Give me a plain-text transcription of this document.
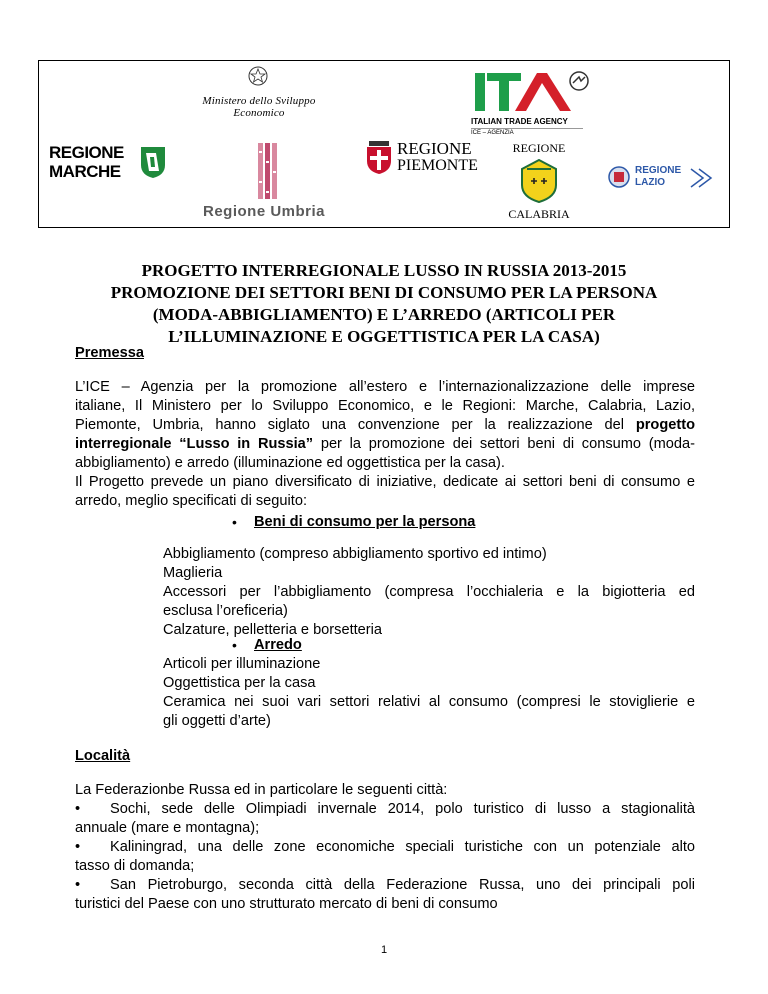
Ministero dello Sviluppo Economico
ITALIAN TRADE AGENCY
ICE – AGENZIA
REGIONE
MARCHE
Regione Umbria
REGIONE
PIEMONTE
REGIONE
CALABRIA
REGIONE
LAZIO
PROGETTO INTERREGIONALE LUSSO IN RUSSIA 2013-2015
PROMOZIONE DEI SETTORI BENI DI CONSUMO PER LA PERSONA
(MODA-ABBIGLIAMENTO) E L’ARREDO (ARTICOLI PER
L’ILLUMINAZIONE E OGGETTISTICA PER LA CASA)
Premessa
L’ICE – Agenzia per la promozione all’estero e l’internazionalizzazione delle imprese
italiane, Il Ministero per lo Sviluppo Economico, e le Regioni: Marche, Calabria, Lazio,
Piemonte, Umbria, hanno siglato una convenzione per la realizzazione del progetto
interregionale “Lusso in Russia” per la promozione dei settori beni di consumo (moda-
abbigliamento) e arredo (illuminazione ed oggettistica per la casa).
Il Progetto prevede un piano diversificato di iniziative, dedicate ai settori beni di consumo e
arredo, meglio specificati di seguito:
• Beni di consumo per la persona
Abbigliamento (compreso abbigliamento sportivo ed intimo)
Maglieria
Accessori per l’abbigliamento (compresa l’occhialeria e la bigiotteria ed
esclusa l’oreficeria)
Calzature, pelletteria e borsetteria
• Arredo
Articoli per illuminazione
Oggettistica per la casa
Ceramica nei suoi vari settori relativi al consumo (compresi le stoviglierie e
gli oggetti d’arte)
Località
La Federazionbe Russa ed in particolare le seguenti città:
•	Sochi, sede delle Olimpiadi invernale 2014, polo turistico di lusso a stagionalità
annuale (mare e montagna);
•	Kaliningrad, una delle zone economiche speciali turistiche con un potenziale alto
tasso di domanda;
•	San Pietroburgo, seconda città della Federazione Russa, uno dei principali poli
turistici del Paese con uno strutturato mercato di beni di consumo
1
